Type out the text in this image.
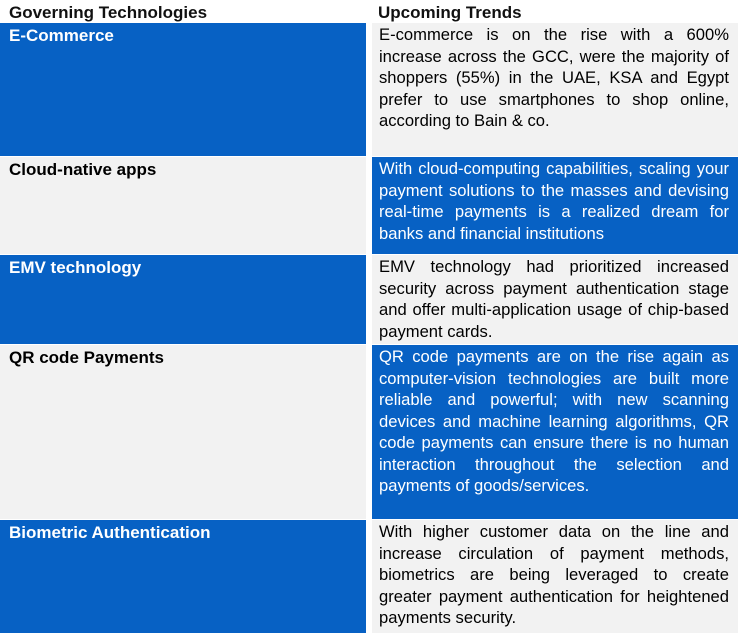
Governing Technologies	Upcoming Trends
E-Commerce	E-commerce is on the rise with a 600% increase across the GCC, were the majority of shoppers (55%) in the UAE, KSA and Egypt prefer to use smartphones to shop online, according to Bain & co.
Cloud-native apps	With cloud-computing capabilities, scaling your payment solutions to the masses and devising real-time payments is a realized dream for banks and financial institutions
EMV technology	EMV technology had prioritized increased security across payment authentication stage and offer multi-application usage of chip-based payment cards.
QR code Payments	QR code payments are on the rise again as computer-vision technologies are built more reliable and powerful; with new scanning devices and machine learning algorithms, QR code payments can ensure there is no human interaction throughout the selection and payments of goods/services.
Biometric Authentication	With higher customer data on the line and increase circulation of payment methods, biometrics are being leveraged to create greater payment authentication for heightened payments security.
